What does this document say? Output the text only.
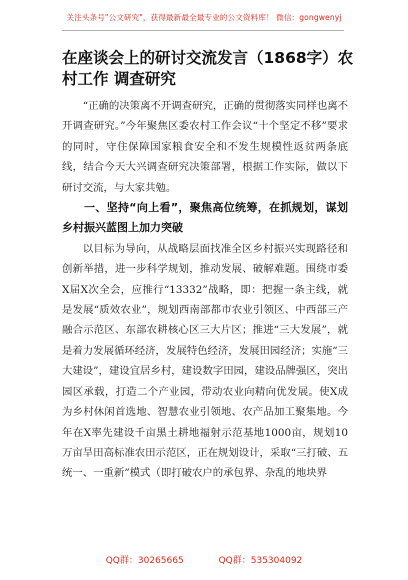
关注头条号"公文研究"，获得最新最全最专业的公文资料库！ 微信：gongwenyj
在座谈会上的研讨交流发言（1868字）农村工作 调查研究

“正确的决策离不开调查研究，正确的贯彻落实同样也离不开调查研究。”今年聚焦区委农村工作会议“十个坚定不移”要求的同时，守住保障国家粮食安全和不发生规模性返贫两条底线，结合今天大兴调查研究决策部署，根据工作实际，做以下研讨交流，与大家共勉。

一、坚持“向上看”，聚焦高位统筹，在抓规划，谋划乡村振兴蓝图上加力突破

以目标为导向，从战略层面找准全区乡村振兴实现路径和创新举措，进一步科学规划，推动发展、破解难题。围绕市委X届X次全会，应推行“13332”战略，即：把握一条主线，就是发展“质效农业”，规划西南部都市农业引领区、中西部三产融合示范区、东部农耕核心区三大片区；推进“三大发展”，就是着力发展循环经济，发展特色经济，发展田园经济；实施“三大建设”，建设宜居乡村，建设数字田园，建设品牌强区，突出园区承载，打造二个产业园，带动农业向精向优发展。使X成为乡村休闲首选地、智慧农业引领地、农产品加工聚集地。今年在X率先建设千亩黑土耕地福射示范基地1000亩，规划10万亩旱田高标准农田示范区，正在规划设计，采取“三打破、五统一、一重新”模式（即打破农户的承包界、杂乱的地块界

QQ群：30265665	QQ群：535304092
